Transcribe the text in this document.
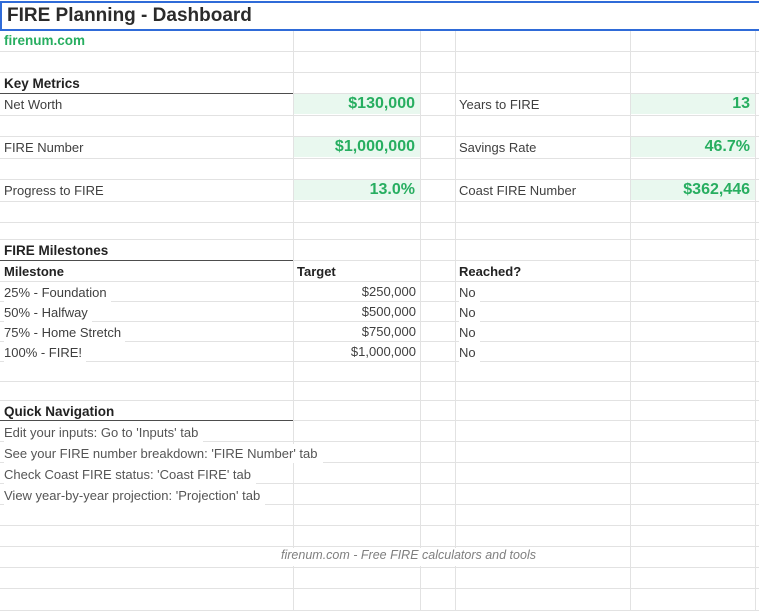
FIRE Planning - Dashboard
firenum.com
Key Metrics
Net Worth	$130,000	Years to FIRE	13
FIRE Number	$1,000,000	Savings Rate	46.7%
Progress to FIRE	13.0%	Coast FIRE Number	$362,446
FIRE Milestones
Milestone	Target	Reached?
25% - Foundation	$250,000	No
50% - Halfway	$500,000	No
75% - Home Stretch	$750,000	No
100% - FIRE!	$1,000,000	No
Quick Navigation
Edit your inputs: Go to 'Inputs' tab
See your FIRE number breakdown: 'FIRE Number' tab
Check Coast FIRE status: 'Coast FIRE' tab
View year-by-year projection: 'Projection' tab
firenum.com - Free FIRE calculators and tools
